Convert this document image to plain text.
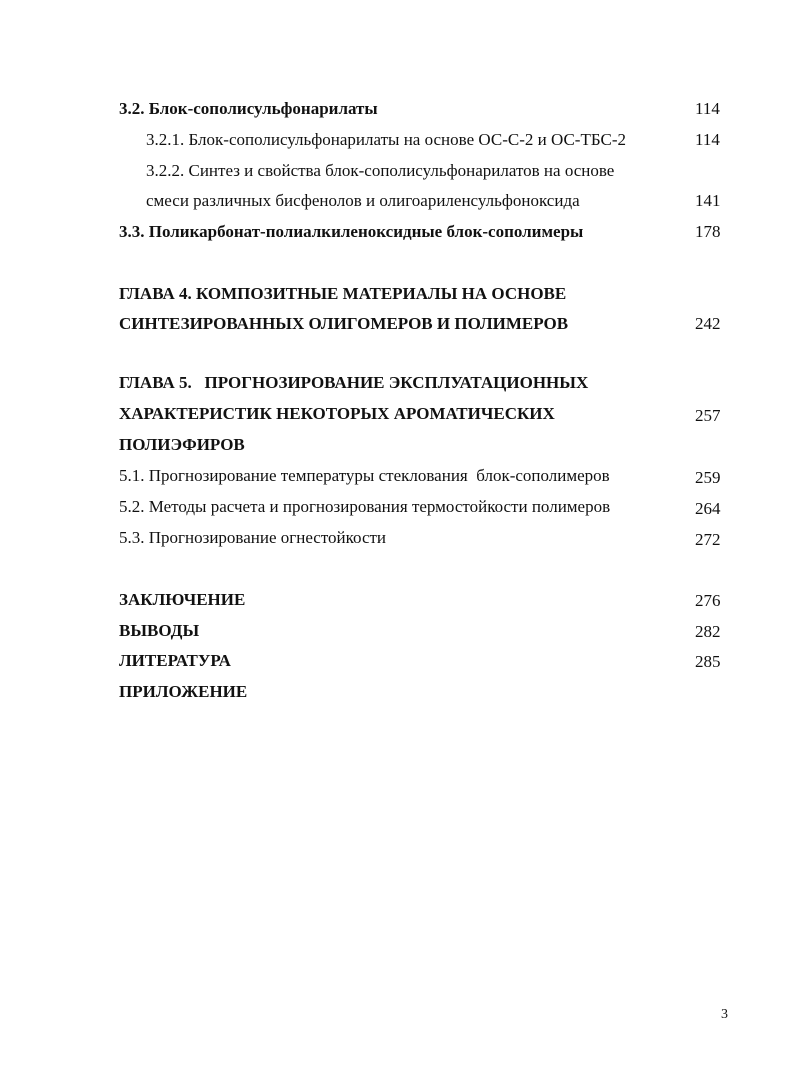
3.2. Блок-сополисульфонарилаты	114
3.2.1. Блок-сополисульфонарилаты на основе ОС-С-2 и ОС-ТБС-2	114
3.2.2. Синтез и свойства блок-сополисульфонарилатов на основе
смеси различных бисфенолов и олигоариленсульфоноксида	141
3.3. Поликарбонат-полиалкиленоксидные блок-сополимеры	178
ГЛАВА 4. КОМПОЗИТНЫЕ МАТЕРИАЛЫ НА ОСНОВЕ
СИНТЕЗИРОВАННЫХ ОЛИГОМЕРОВ И ПОЛИМЕРОВ	242
ГЛАВА 5.   ПРОГНОЗИРОВАНИЕ ЭКСПЛУАТАЦИОННЫХ
ХАРАКТЕРИСТИК НЕКОТОРЫХ АРОМАТИЧЕСКИХ	257
ПОЛИЭФИРОВ
5.1. Прогнозирование температуры стеклования  блок-сополимеров	259
5.2. Методы расчета и прогнозирования термостойкости полимеров	264
5.3. Прогнозирование огнестойкости	272
ЗАКЛЮЧЕНИЕ	276
ВЫВОДЫ	282
ЛИТЕРАТУРА	285
ПРИЛОЖЕНИЕ
3
